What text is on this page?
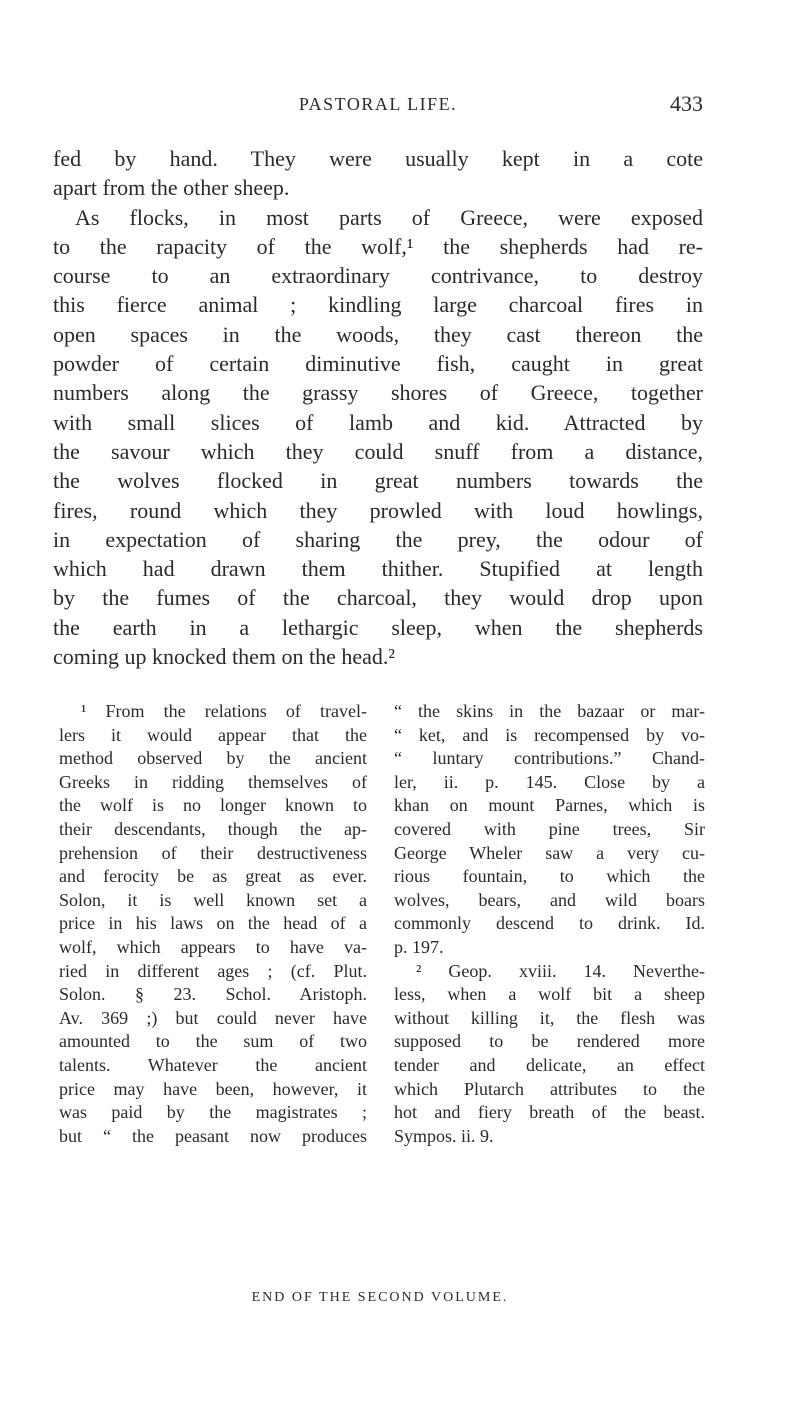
PASTORAL LIFE.	433
fed by hand. They were usually kept in a cote
apart from the other sheep.
As flocks, in most parts of Greece, were exposed
to the rapacity of the wolf,¹ the shepherds had re-
course to an extraordinary contrivance, to destroy
this fierce animal ; kindling large charcoal fires in
open spaces in the woods, they cast thereon the
powder of certain diminutive fish, caught in great
numbers along the grassy shores of Greece, together
with small slices of lamb and kid. Attracted by
the savour which they could snuff from a distance,
the wolves flocked in great numbers towards the
fires, round which they prowled with loud howlings,
in expectation of sharing the prey, the odour of
which had drawn them thither. Stupified at length
by the fumes of the charcoal, they would drop upon
the earth in a lethargic sleep, when the shepherds
coming up knocked them on the head.²
¹ From the relations of travel-
lers it would appear that the
method observed by the ancient
Greeks in ridding themselves of
the wolf is no longer known to
their descendants, though the ap-
prehension of their destructiveness
and ferocity be as great as ever.
Solon, it is well known set a
price in his laws on the head of a
wolf, which appears to have va-
ried in different ages ; (cf. Plut.
Solon. § 23. Schol. Aristoph.
Av. 369 ;) but could never have
amounted to the sum of two
talents. Whatever the ancient
price may have been, however, it
was paid by the magistrates ;
but “ the peasant now produces
“ the skins in the bazaar or mar-
“ ket, and is recompensed by vo-
“ luntary contributions.” Chand-
ler, ii. p. 145. Close by a
khan on mount Parnes, which is
covered with pine trees, Sir
George Wheler saw a very cu-
rious fountain, to which the
wolves, bears, and wild boars
commonly descend to drink. Id.
p. 197.
² Geop. xviii. 14. Neverthe-
less, when a wolf bit a sheep
without killing it, the flesh was
supposed to be rendered more
tender and delicate, an effect
which Plutarch attributes to the
hot and fiery breath of the beast.
Sympos. ii. 9.
END OF THE SECOND VOLUME.
